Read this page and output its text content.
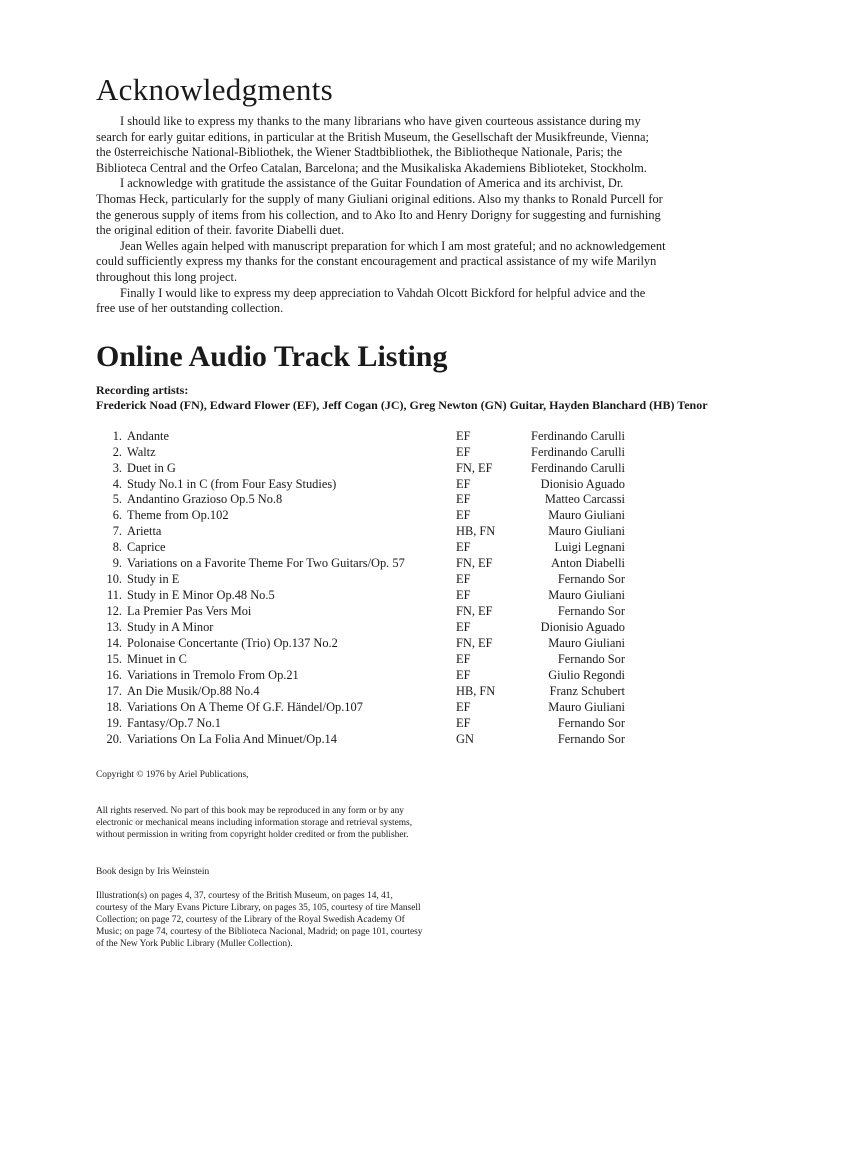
Acknowledgments

I should like to express my thanks to the many librarians who have given courteous assistance during my search for early guitar editions, in particular at the British Museum, the Gesellschaft der Musikfreunde, Vienna; the 0sterreichische National-Bibliothek, the Wiener Stadtbibliothek, the Bibliotheque Nationale, Paris; the Biblioteca Central and the Orfeo Catalan, Barcelona; and the Musikaliska Akademiens Biblioteket, Stockholm.

I acknowledge with gratitude the assistance of the Guitar Foundation of America and its archivist, Dr. Thomas Heck, particularly for the supply of many Giuliani original editions. Also my thanks to Ronald Purcell for the generous supply of items from his collection, and to Ako Ito and Henry Dorigny for suggesting and furnishing the original edition of their. favorite Diabelli duet.

Jean Welles again helped with manuscript preparation for which I am most grateful; and no acknowledgement could sufficiently express my thanks for the constant encouragement and practical assistance of my wife Marilyn throughout this long project.

Finally I would like to express my deep appreciation to Vahdah Olcott Bickford for helpful advice and the free use of her outstanding collection.

Online Audio Track Listing
Recording artists:
Frederick Noad (FN), Edward Flower (EF), Jeff Cogan (JC), Greg Newton (GN) Guitar, Hayden Blanchard (HB) Tenor
1. Andante	EF	Ferdinando Carulli
2. Waltz	EF	Ferdinando Carulli
3. Duet in G	FN, EF	Ferdinando Carulli
4. Study No.1 in C (from Four Easy Studies)	EF	Dionisio Aguado
5. Andantino Grazioso Op.5 No.8	EF	Matteo Carcassi
6. Theme from Op.102	EF	Mauro Giuliani
7. Arietta	HB, FN	Mauro Giuliani
8. Caprice	EF	Luigi Legnani
9. Variations on a Favorite Theme For Two Guitars/Op. 57	FN, EF	Anton Diabelli
10. Study in E	EF	Fernando Sor
11. Study in E Minor Op.48 No.5	EF	Mauro Giuliani
12. La Premier Pas Vers Moi	FN, EF	Fernando Sor
13. Study in A Minor	EF	Dionisio Aguado
14. Polonaise Concertante (Trio) Op.137 No.2	FN, EF	Mauro Giuliani
15. Minuet in C	EF	Fernando Sor
16. Variations in Tremolo From Op.21	EF	Giulio Regondi
17. An Die Musik/Op.88 No.4	HB, FN	Franz Schubert
18. Variations On A Theme Of G.F. Händel/Op.107	EF	Mauro Giuliani
19. Fantasy/Op.7 No.1	EF	Fernando Sor
20. Variations On La Folia And Minuet/Op.14	GN	Fernando Sor

Copyright © 1976 by Ariel Publications,

All rights reserved. No part of this book may be reproduced in any form or by any electronic or mechanical means including information storage and retrieval systems, without permission in writing from copyright holder credited or from the publisher.

Book design by Iris Weinstein

Illustration(s) on pages 4, 37, courtesy of the British Museum, on pages 14, 41, courtesy of the Mary Evans Picture Library, on pages 35, 105, courtesy of tire Mansell Collection; on page 72, courtesy of the Library of the Royal Swedish Academy Of Music; on page 74, courtesy of the Biblioteca Nacional, Madrid; on page 101, courtesy of the New York Public Library (Muller Collection).
